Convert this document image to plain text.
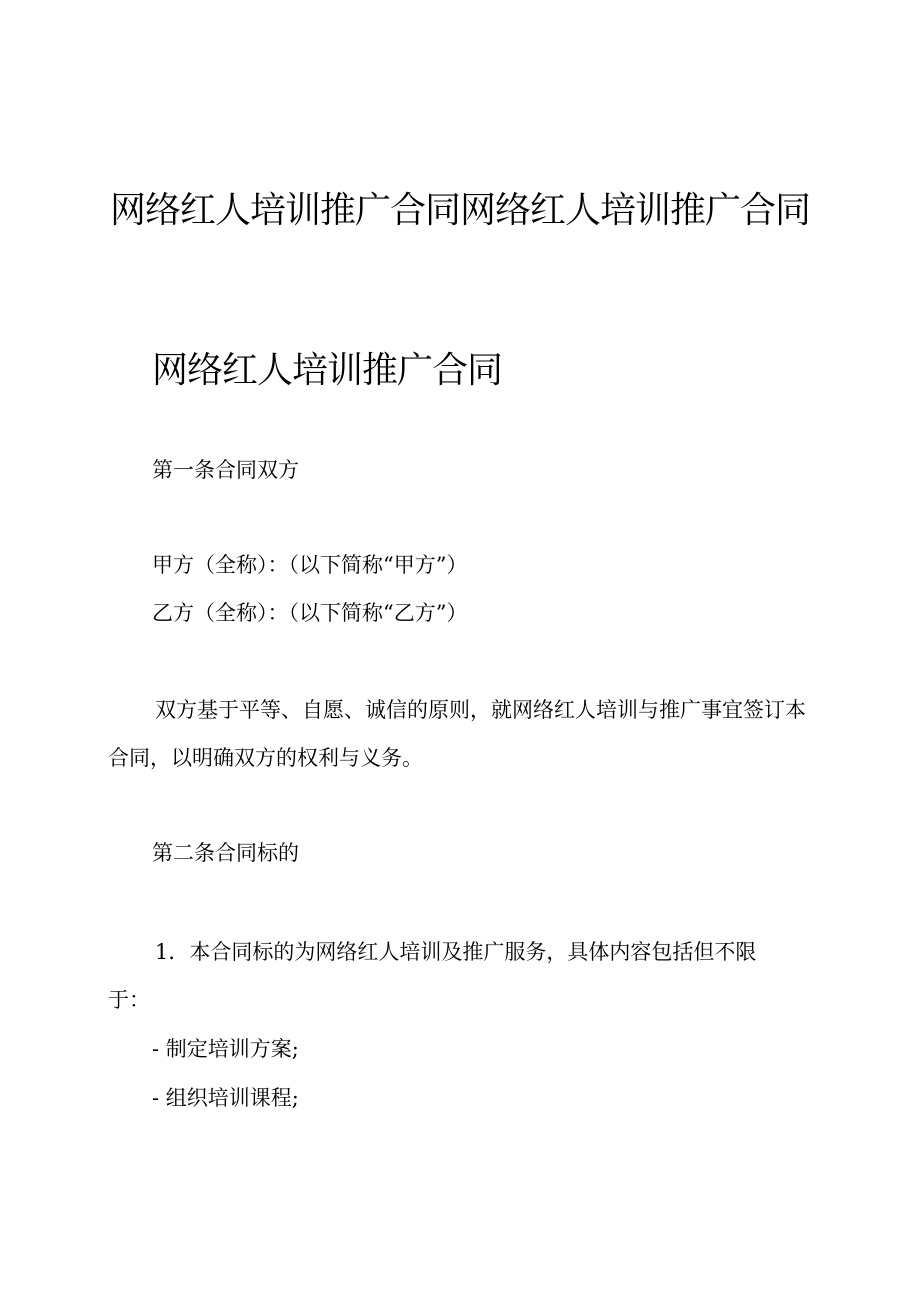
网络红人培训推广合同网络红人培训推广合同
网络红人培训推广合同

第一条合同双方

甲方（全称）：（以下简称“甲方”）

乙方（全称）：（以下简称“乙方”）

双方基于平等、自愿、诚信的原则，就网络红人培训与推广事宜签订本合同，以明确双方的权利与义务。

第二条合同标的

1．本合同标的为网络红人培训及推广服务，具体内容包括但不限于：

- 制定培训方案;

- 组织培训课程;
